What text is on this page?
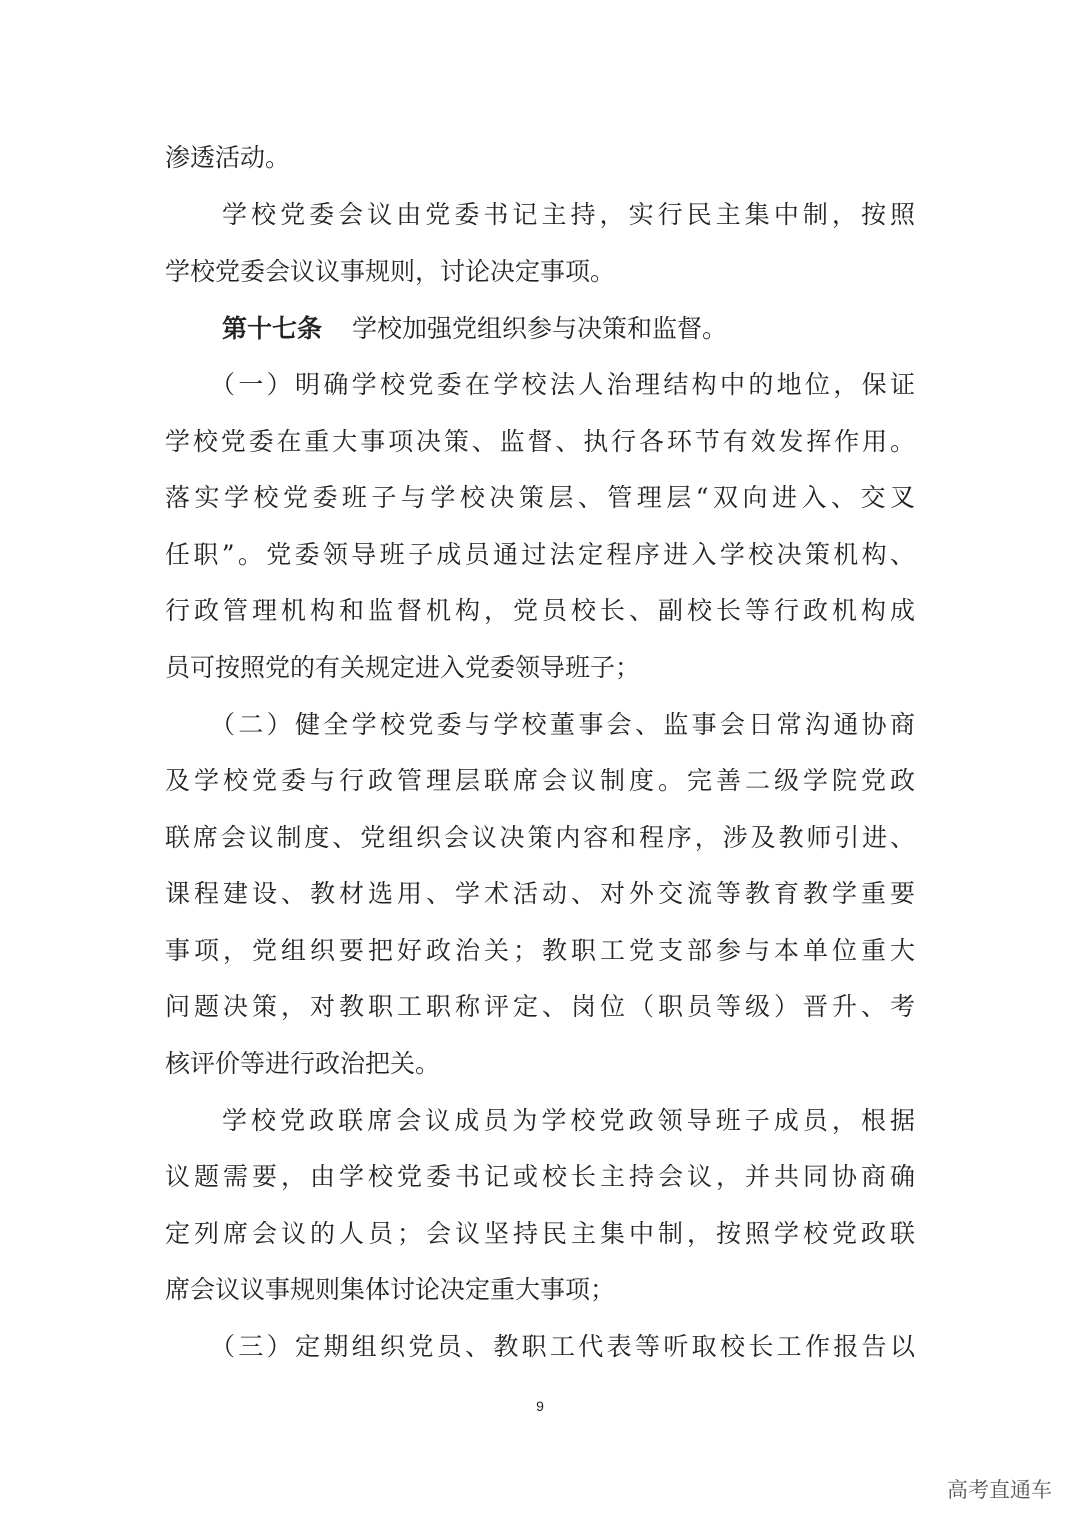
渗透活动。
学校党委会议由党委书记主持，实行民主集中制，按照
学校党委会议议事规则，讨论决定事项。
第十七条 学校加强党组织参与决策和监督。
（一）明确学校党委在学校法人治理结构中的地位，保证
学校党委在重大事项决策、监督、执行各环节有效发挥作用。
落实学校党委班子与学校决策层、管理层“双向进入、交叉
任职”。党委领导班子成员通过法定程序进入学校决策机构、
行政管理机构和监督机构，党员校长、副校长等行政机构成
员可按照党的有关规定进入党委领导班子；
（二）健全学校党委与学校董事会、监事会日常沟通协商
及学校党委与行政管理层联席会议制度。完善二级学院党政
联席会议制度、党组织会议决策内容和程序，涉及教师引进、
课程建设、教材选用、学术活动、对外交流等教育教学重要
事项，党组织要把好政治关；教职工党支部参与本单位重大
问题决策，对教职工职称评定、岗位（职员等级）晋升、考
核评价等进行政治把关。
学校党政联席会议成员为学校党政领导班子成员，根据
议题需要，由学校党委书记或校长主持会议，并共同协商确
定列席会议的人员；会议坚持民主集中制，按照学校党政联
席会议议事规则集体讨论决定重大事项；
（三）定期组织党员、教职工代表等听取校长工作报告以
9
高考直通车
